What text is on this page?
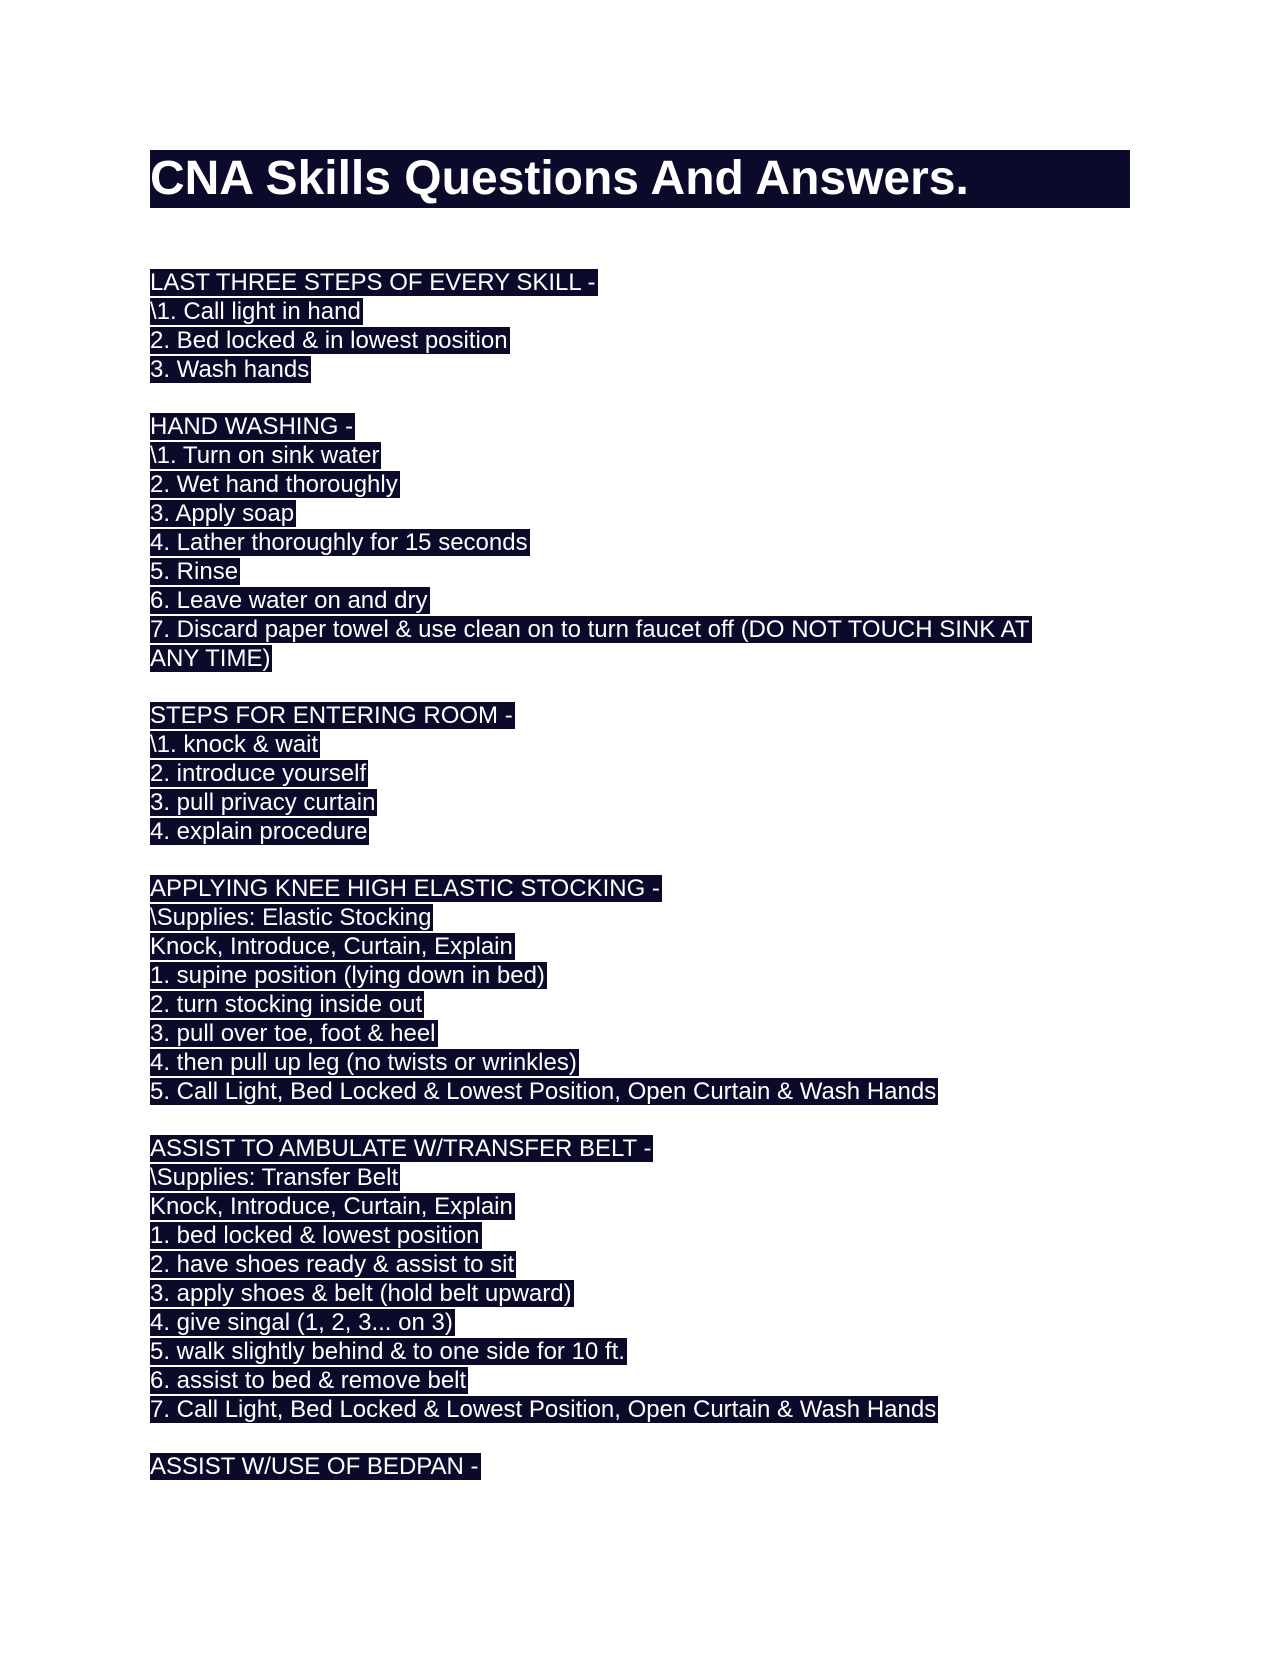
CNA Skills Questions And Answers.
LAST THREE STEPS OF EVERY SKILL -
\1. Call light in hand
2. Bed locked & in lowest position
3. Wash hands
HAND WASHING -
\1. Turn on sink water
2. Wet hand thoroughly
3. Apply soap
4. Lather thoroughly for 15 seconds
5. Rinse
6. Leave water on and dry
7. Discard paper towel & use clean on to turn faucet off (DO NOT TOUCH SINK AT
ANY TIME)
STEPS FOR ENTERING ROOM -
\1. knock & wait
2. introduce yourself
3. pull privacy curtain
4. explain procedure
APPLYING KNEE HIGH ELASTIC STOCKING -
\Supplies: Elastic Stocking
Knock, Introduce, Curtain, Explain
1. supine position (lying down in bed)
2. turn stocking inside out
3. pull over toe, foot & heel
4. then pull up leg (no twists or wrinkles)
5. Call Light, Bed Locked & Lowest Position, Open Curtain & Wash Hands
ASSIST TO AMBULATE W/TRANSFER BELT -
\Supplies: Transfer Belt
Knock, Introduce, Curtain, Explain
1. bed locked & lowest position
2. have shoes ready & assist to sit
3. apply shoes & belt (hold belt upward)
4. give singal (1, 2, 3... on 3)
5. walk slightly behind & to one side for 10 ft.
6. assist to bed & remove belt
7. Call Light, Bed Locked & Lowest Position, Open Curtain & Wash Hands
ASSIST W/USE OF BEDPAN -
